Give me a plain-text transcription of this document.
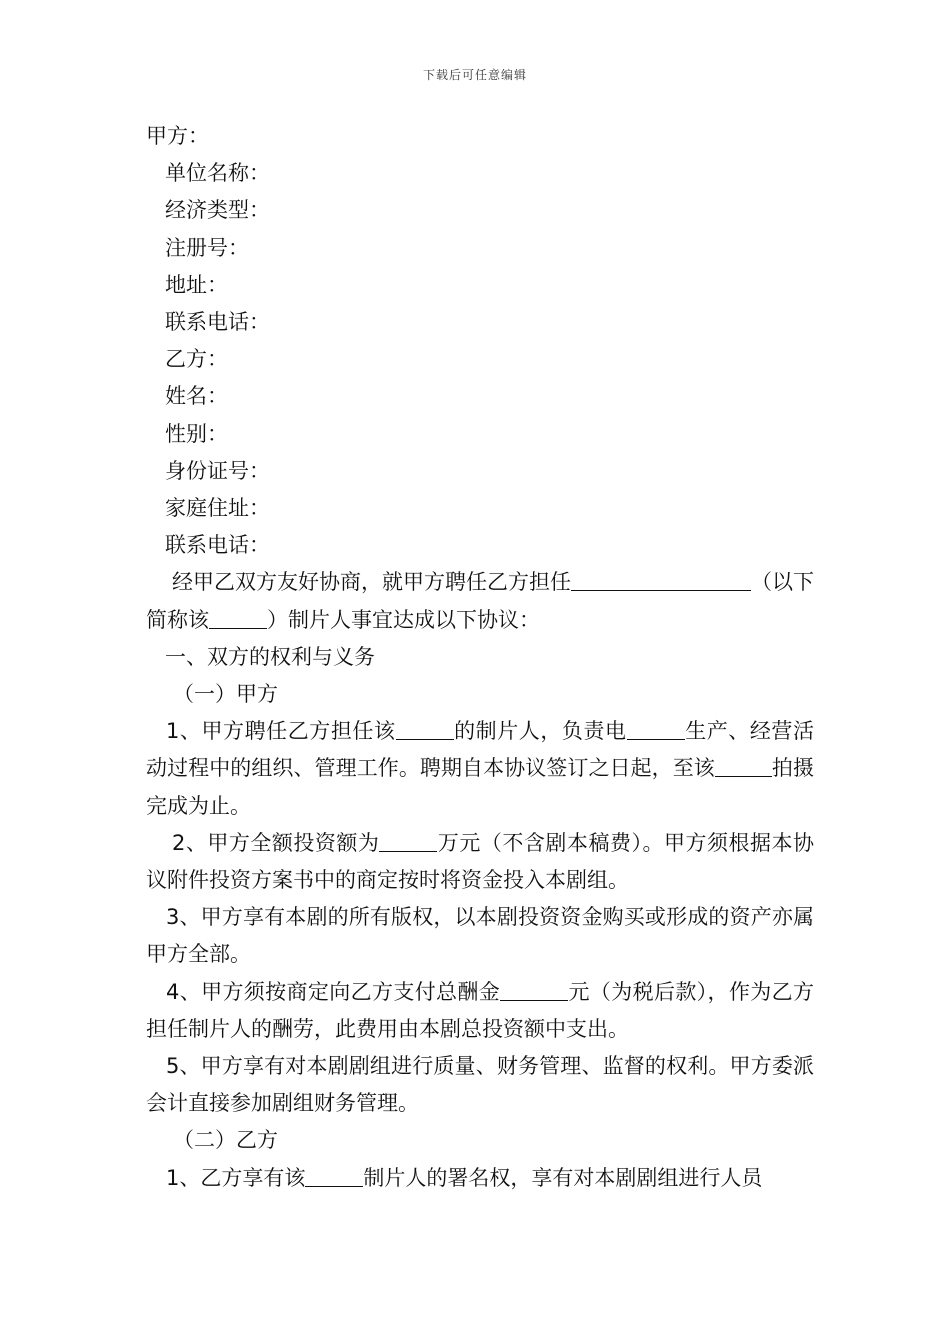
下载后可任意编辑

甲方：

单位名称：

经济类型：

注册号：

地址：

联系电话：

乙方：

姓名：

性别：

身份证号：

家庭住址：

联系电话：

经甲乙双方友好协商，就甲方聘任乙方担任	（以下简称该	）制片人事宜达成以下协议：

一、双方的权利与义务

（一）甲方

1、甲方聘任乙方担任该	的制片人，负责电	生产、经营活动过程中的组织、管理工作。聘期自本协议签订之日起，至该	拍摄完成为止。

2、甲方全额投资额为	万元（不含剧本稿费）。甲方须根据本协议附件投资方案书中的商定按时将资金投入本剧组。

3、甲方享有本剧的所有版权，以本剧投资资金购买或形成的资产亦属甲方全部。

4、甲方须按商定向乙方支付总酬金	元（为税后款），作为乙方担任制片人的酬劳，此费用由本剧总投资额中支出。

5、甲方享有对本剧剧组进行质量、财务管理、监督的权利。甲方委派会计直接参加剧组财务管理。

（二）乙方

1、乙方享有该	制片人的署名权，享有对本剧剧组进行人员
